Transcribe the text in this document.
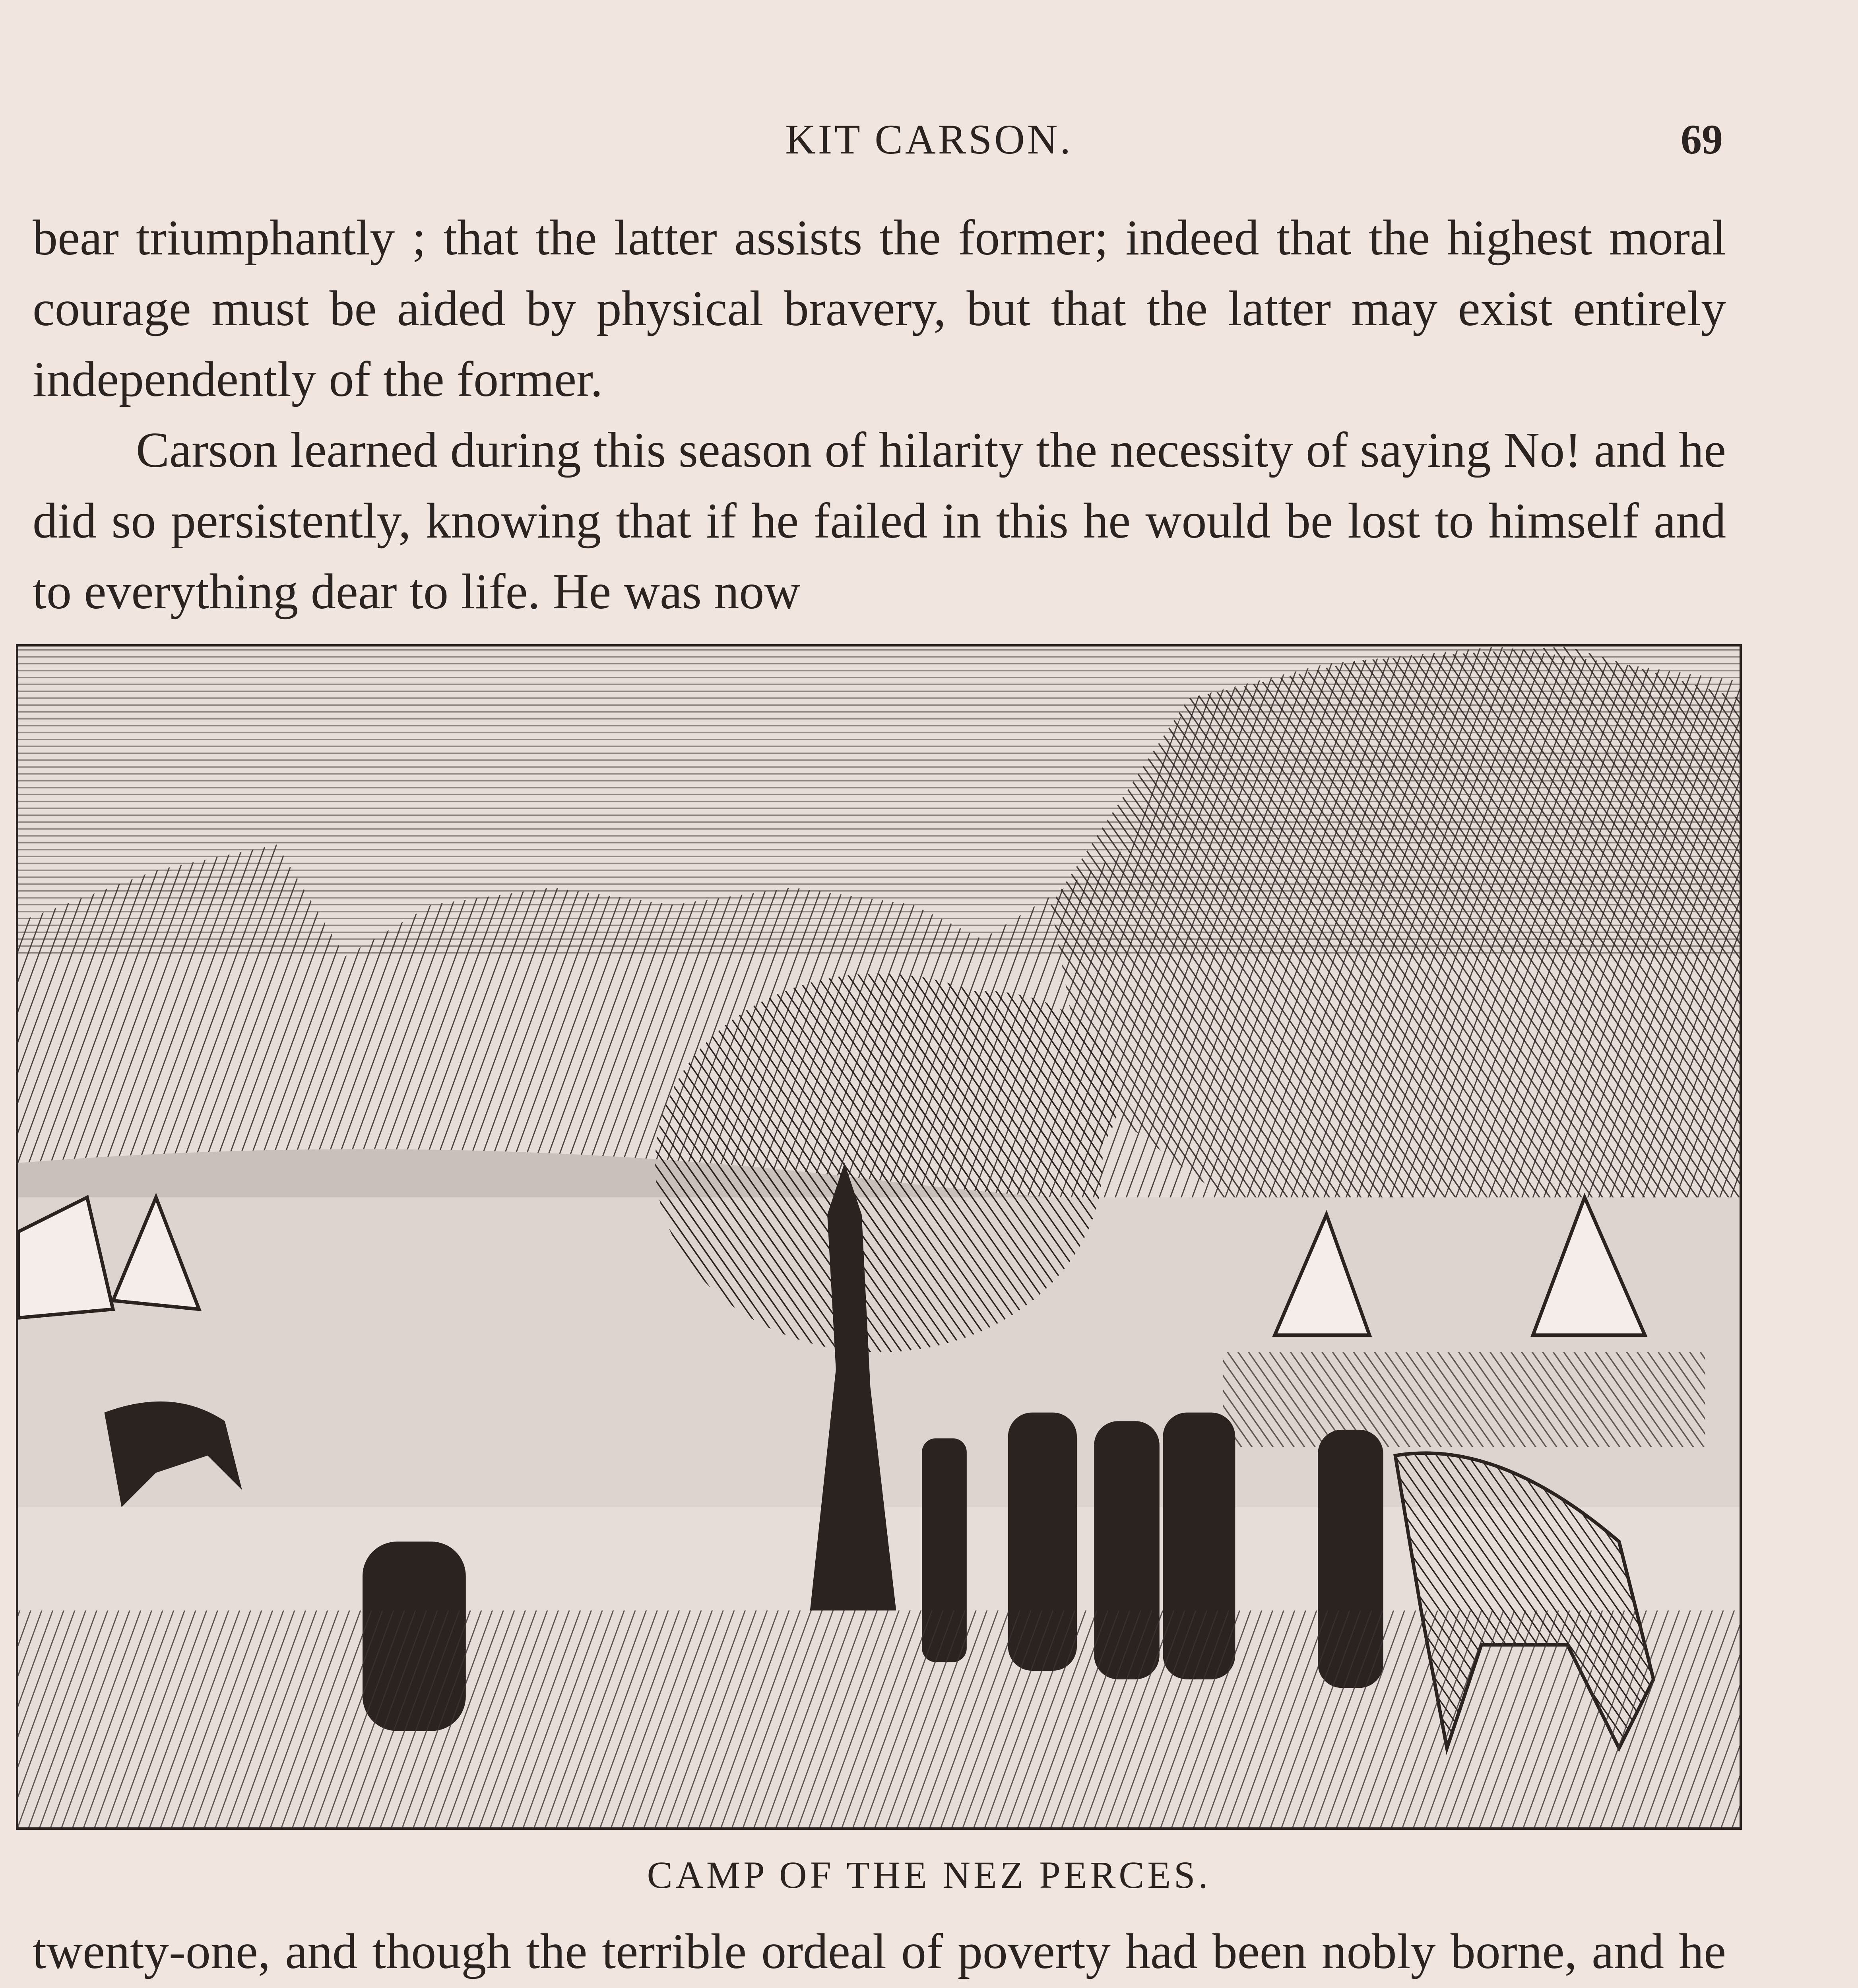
KIT CARSON.	69

bear triumphantly ; that the latter assists the former; indeed that the highest moral courage must be aided by physical bravery, but that the latter may exist entirely independently of the former.

Carson learned during this season of hilarity the necessity of saying No! and he did so persistently, knowing that if he failed in this he would be lost to himself and to everything dear to life. He was now

CAMP OF THE NEZ PERCES.

twenty-one, and though the terrible ordeal of poverty had been nobly borne, and he
